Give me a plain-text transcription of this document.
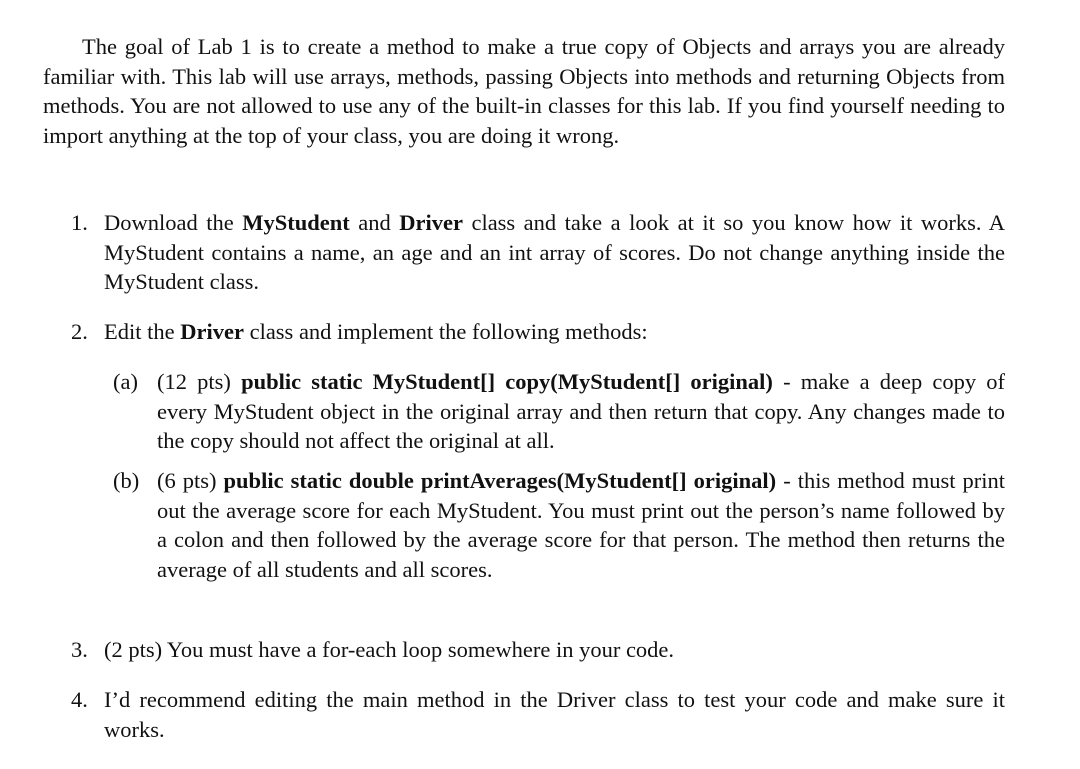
The goal of Lab 1 is to create a method to make a true copy of Objects and arrays you are already familiar with. This lab will use arrays, methods, passing Objects into methods and returning Objects from methods. You are not allowed to use any of the built-in classes for this lab. If you find yourself needing to import anything at the top of your class, you are doing it wrong.

1. Download the MyStudent and Driver class and take a look at it so you know how it works. A MyStudent contains a name, an age and an int array of scores. Do not change anything inside the MyStudent class.
2. Edit the Driver class and implement the following methods:
(a) (12 pts) public static MyStudent[] copy(MyStudent[] original) - make a deep copy of every MyStudent object in the original array and then return that copy. Any changes made to the copy should not affect the original at all.
(b) (6 pts) public static double printAverages(MyStudent[] original) - this method must print out the average score for each MyStudent. You must print out the person’s name followed by a colon and then followed by the average score for that person. The method then returns the average of all students and all scores.
3. (2 pts) You must have a for-each loop somewhere in your code.
4. I’d recommend editing the main method in the Driver class to test your code and make sure it works.
